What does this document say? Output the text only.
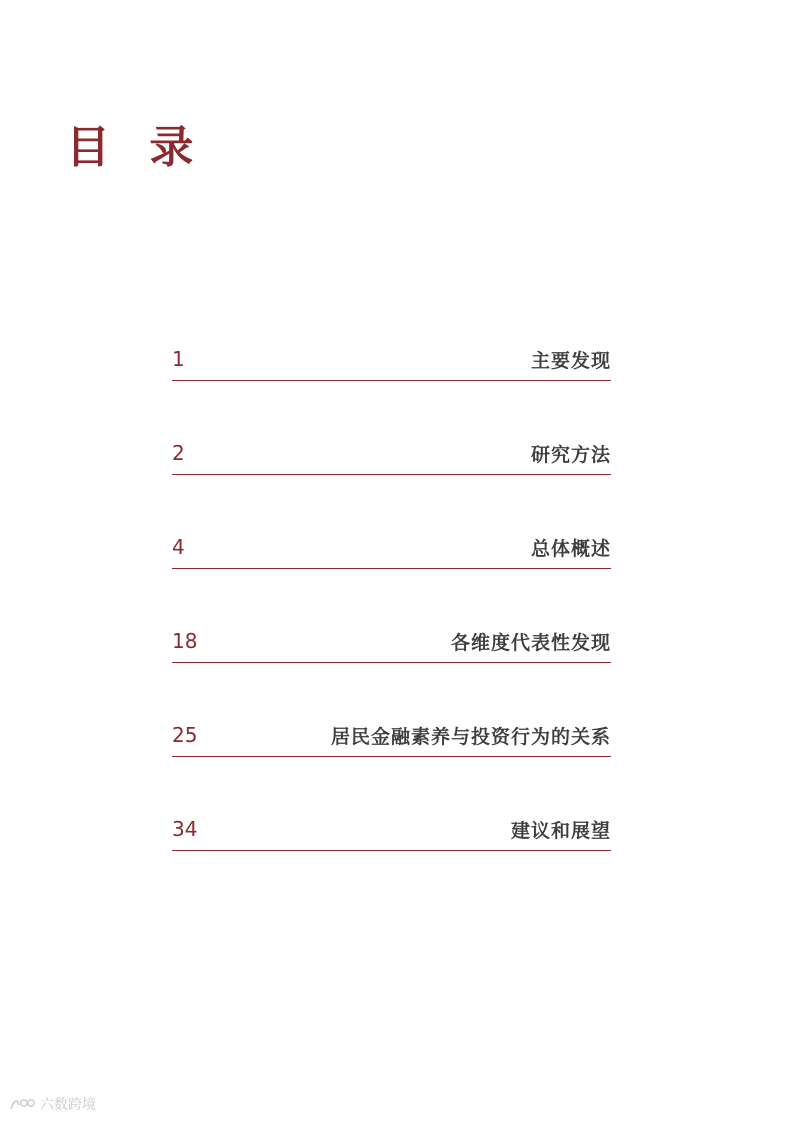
目 录
1	主要发现
2	研究方法
4	总体概述
18	各维度代表性发现
25	居民金融素养与投资行为的关系
34	建议和展望
六数跨境
